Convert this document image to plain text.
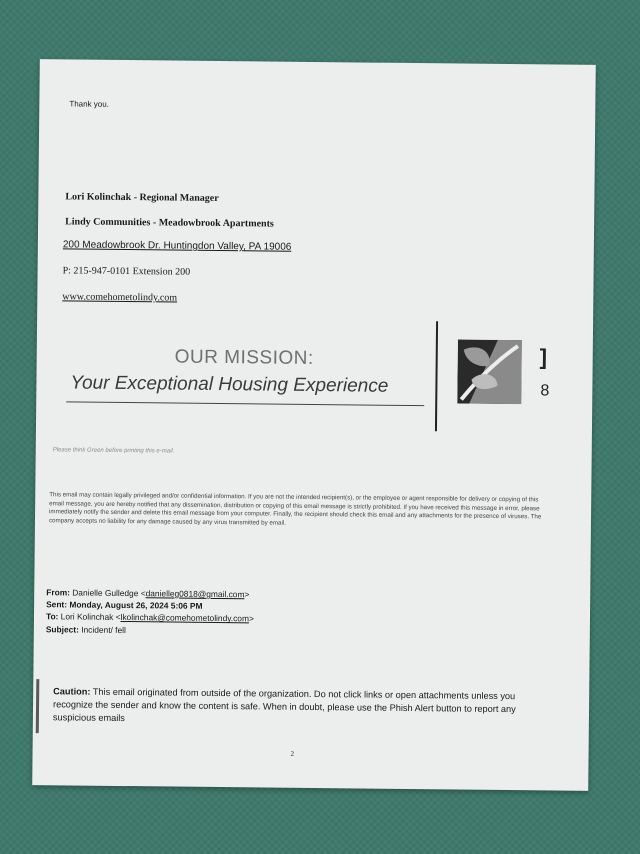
Thank you.
Lori Kolinchak - Regional Manager
Lindy Communities - Meadowbrook Apartments
200 Meadowbrook Dr. Huntingdon Valley, PA 19006
P: 215-947-0101 Extension 200
www.comehometolindy.com
OUR MISSION:
Your Exceptional Housing Experience
]
8
Please think Green before printing this e-mail.
This email may contain legally privileged and/or confidential information. If you are not the intended recipient(s), or the employee or agent responsible for delivery or copying of this email message, you are hereby notified that any dissemination, distribution or copying of this email message is strictly prohibited. If you have received this message in error, please immediately notify the sender and delete this email message from your computer. Finally, the recipient should check this email and any attachments for the presence of viruses. The company accepts no liability for any damage caused by any virus transmitted by email.
From: Danielle Gulledge <danielleg0818@gmail.com>
Sent: Monday, August 26, 2024 5:06 PM
To: Lori Kolinchak <lkolinchak@comehometolindy.com>
Subject: Incident/ fell
Caution: This email originated from outside of the organization. Do not click links or open attachments unless you recognize the sender and know the content is safe. When in doubt, please use the Phish Alert button to report any suspicious emails
2
